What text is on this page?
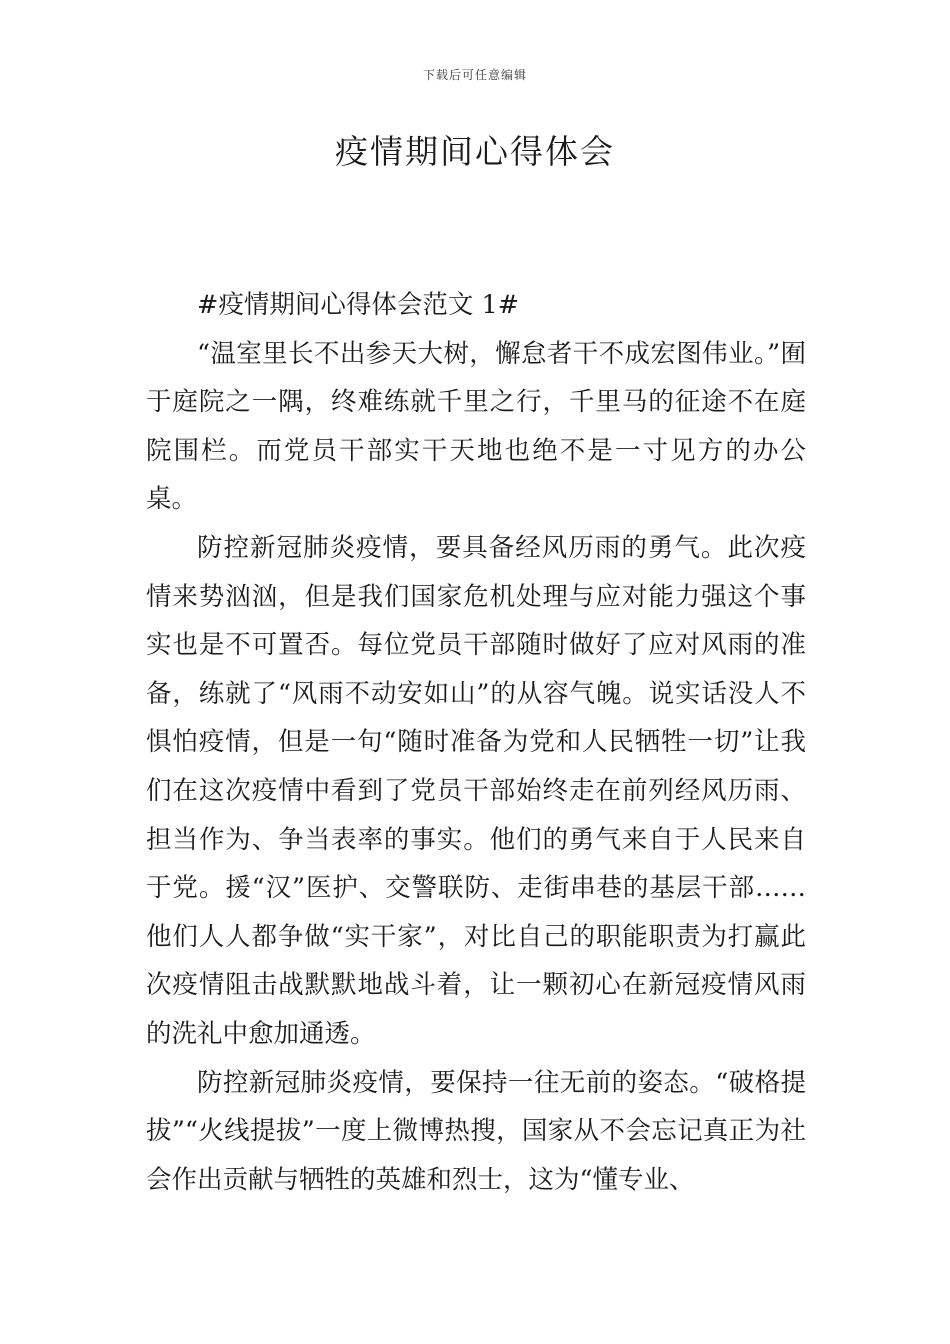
下载后可任意编辑
疫情期间心得体会
#疫情期间心得体会范文 1#

“温室里长不出参天大树，懈怠者干不成宏图伟业。”囿于庭院之一隅，终难练就千里之行，千里马的征途不在庭院围栏。而党员干部实干天地也绝不是一寸见方的办公桌。

防控新冠肺炎疫情，要具备经风历雨的勇气。此次疫情来势汹汹，但是我们国家危机处理与应对能力强这个事实也是不可置否。每位党员干部随时做好了应对风雨的准备，练就了“风雨不动安如山”的从容气魄。说实话没人不惧怕疫情，但是一句“随时准备为党和人民牺牲一切”让我们在这次疫情中看到了党员干部始终走在前列经风历雨、担当作为、争当表率的事实。他们的勇气来自于人民来自于党。援“汉”医护、交警联防、走街串巷的基层干部……他们人人都争做“实干家”，对比自己的职能职责为打赢此次疫情阻击战默默地战斗着，让一颗初心在新冠疫情风雨的洗礼中愈加通透。

防控新冠肺炎疫情，要保持一往无前的姿态。“破格提拔”“火线提拔”一度上微博热搜，国家从不会忘记真正为社会作出贡献与牺牲的英雄和烈士，这为“懂专业、
